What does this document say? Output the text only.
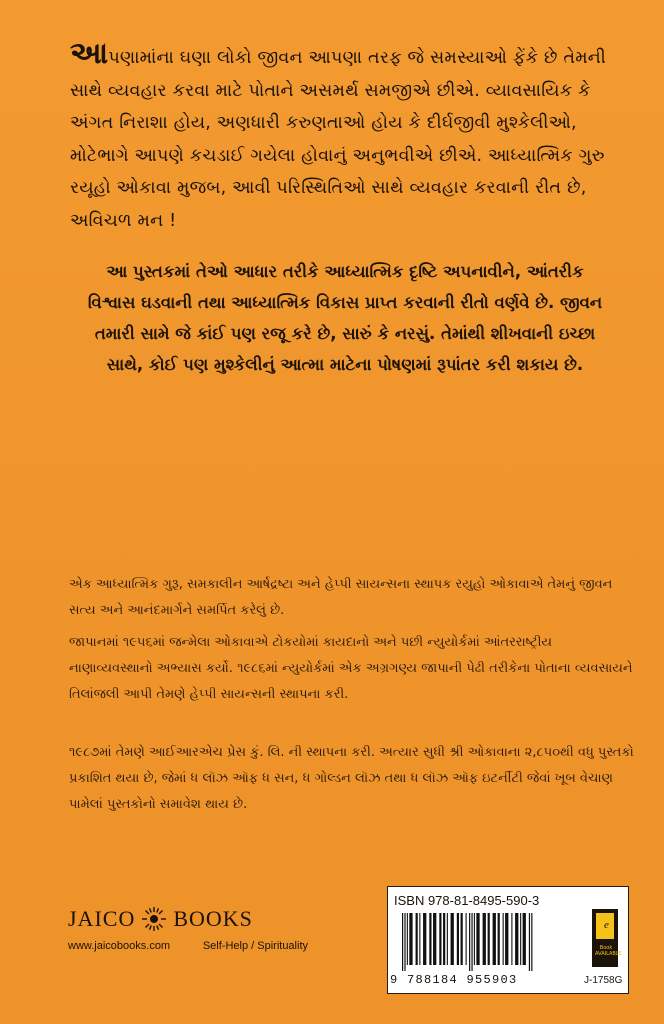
આપણામાંના ઘણા લોકો જીવન આપણા તરફ જે સમસ્યાઓ ફેંકે છે તેમની સાથે વ્યવહાર કરવા માટે પોતાને અસમર્થ સમજીએ છીએ. વ્યાવસાયિક કે અંગત નિરાશા હોય, અણધારી કરુણતાઓ હોય કે દીર્ઘજીવી મુશ્કેલીઓ, મોટેભાગે આપણે કચડાઈ ગયેલા હોવાનું અનુભવીએ છીએ. આધ્યાત્મિક ગુરુ રયૂહો ઓકાવા મુજબ, આવી પરિસ્થિતિઓ સાથે વ્યવહાર કરવાની રીત છે, અવિચળ મન !

આ પુસ્તકમાં તેઓ આધાર તરીકે આધ્યાત્મિક દૃષ્ટિ અપનાવીને, આંતરીક વિશ્વાસ ઘડવાની તથા આધ્યાત્મિક વિકાસ પ્રાપ્ત કરવાની રીતો વર્ણવે છે. જીવન તમારી સામે જે કાંઈ પણ રજૂ કરે છે, સારું કે નરસું. તેમાંથી શીખવાની ઇચ્છા સાથે, કોઈ પણ મુશ્કેલીનું આત્મા માટેના પોષણમાં રૂપાંતર કરી શકાય છે.

એક આધ્યાત્મિક ગુરૂ, સમકાલીન આર્ષદ્રષ્ટા અને હેપ્પી સાયન્સના સ્થાપક રયુહો ઓકાવાએ તેમનું જીવન સત્ય અને આનંદમાર્ગને સમર્પિત કરેલું છે.

જાપાનમાં ૧૯૫૬માં જન્મેલા ઓકાવાએ ટોકયોમાં કાયદાનો અને પછી ન્યુયોર્કમાં આંતરરાષ્ટ્રીય નાણાવ્યવસ્થાનો અભ્યાસ કર્યો. ૧૯૮૬માં ન્યુયોર્કમાં એક અગ્રગણ્ય જાપાની પેઢી તરીકેના પોતાના વ્યવસાયને તિલાંજલી આપી તેમણે હેપ્પી સાયન્સની સ્થાપના કરી.

૧૯૮૭માં તેમણે આઈઆરએચ પ્રેસ કું. લિ. ની સ્થાપના કરી. અત્યાર સુધી શ્રી ઓકાવાના ૨,૮૫૦થી વધુ પુસ્તકો પ્રકાશિત થયા છે, જેમાં ધ લૉઝ ઑફ ધ સન, ધ ગોલ્ડન લૉઝ તથા ધ લૉઝ ઑફ ઇટર્નીટી જેવાં ખૂબ વેચાણ પામેલાં પુસ્તકોનો સમાવેશ થાય છે.

JAICO BOOKS
www.jaicobooks.com	Self-Help / Spirituality
ISBN 978-81-8495-590-3
9 788184 955903
e
Book AVAILABLE
J-1758G
